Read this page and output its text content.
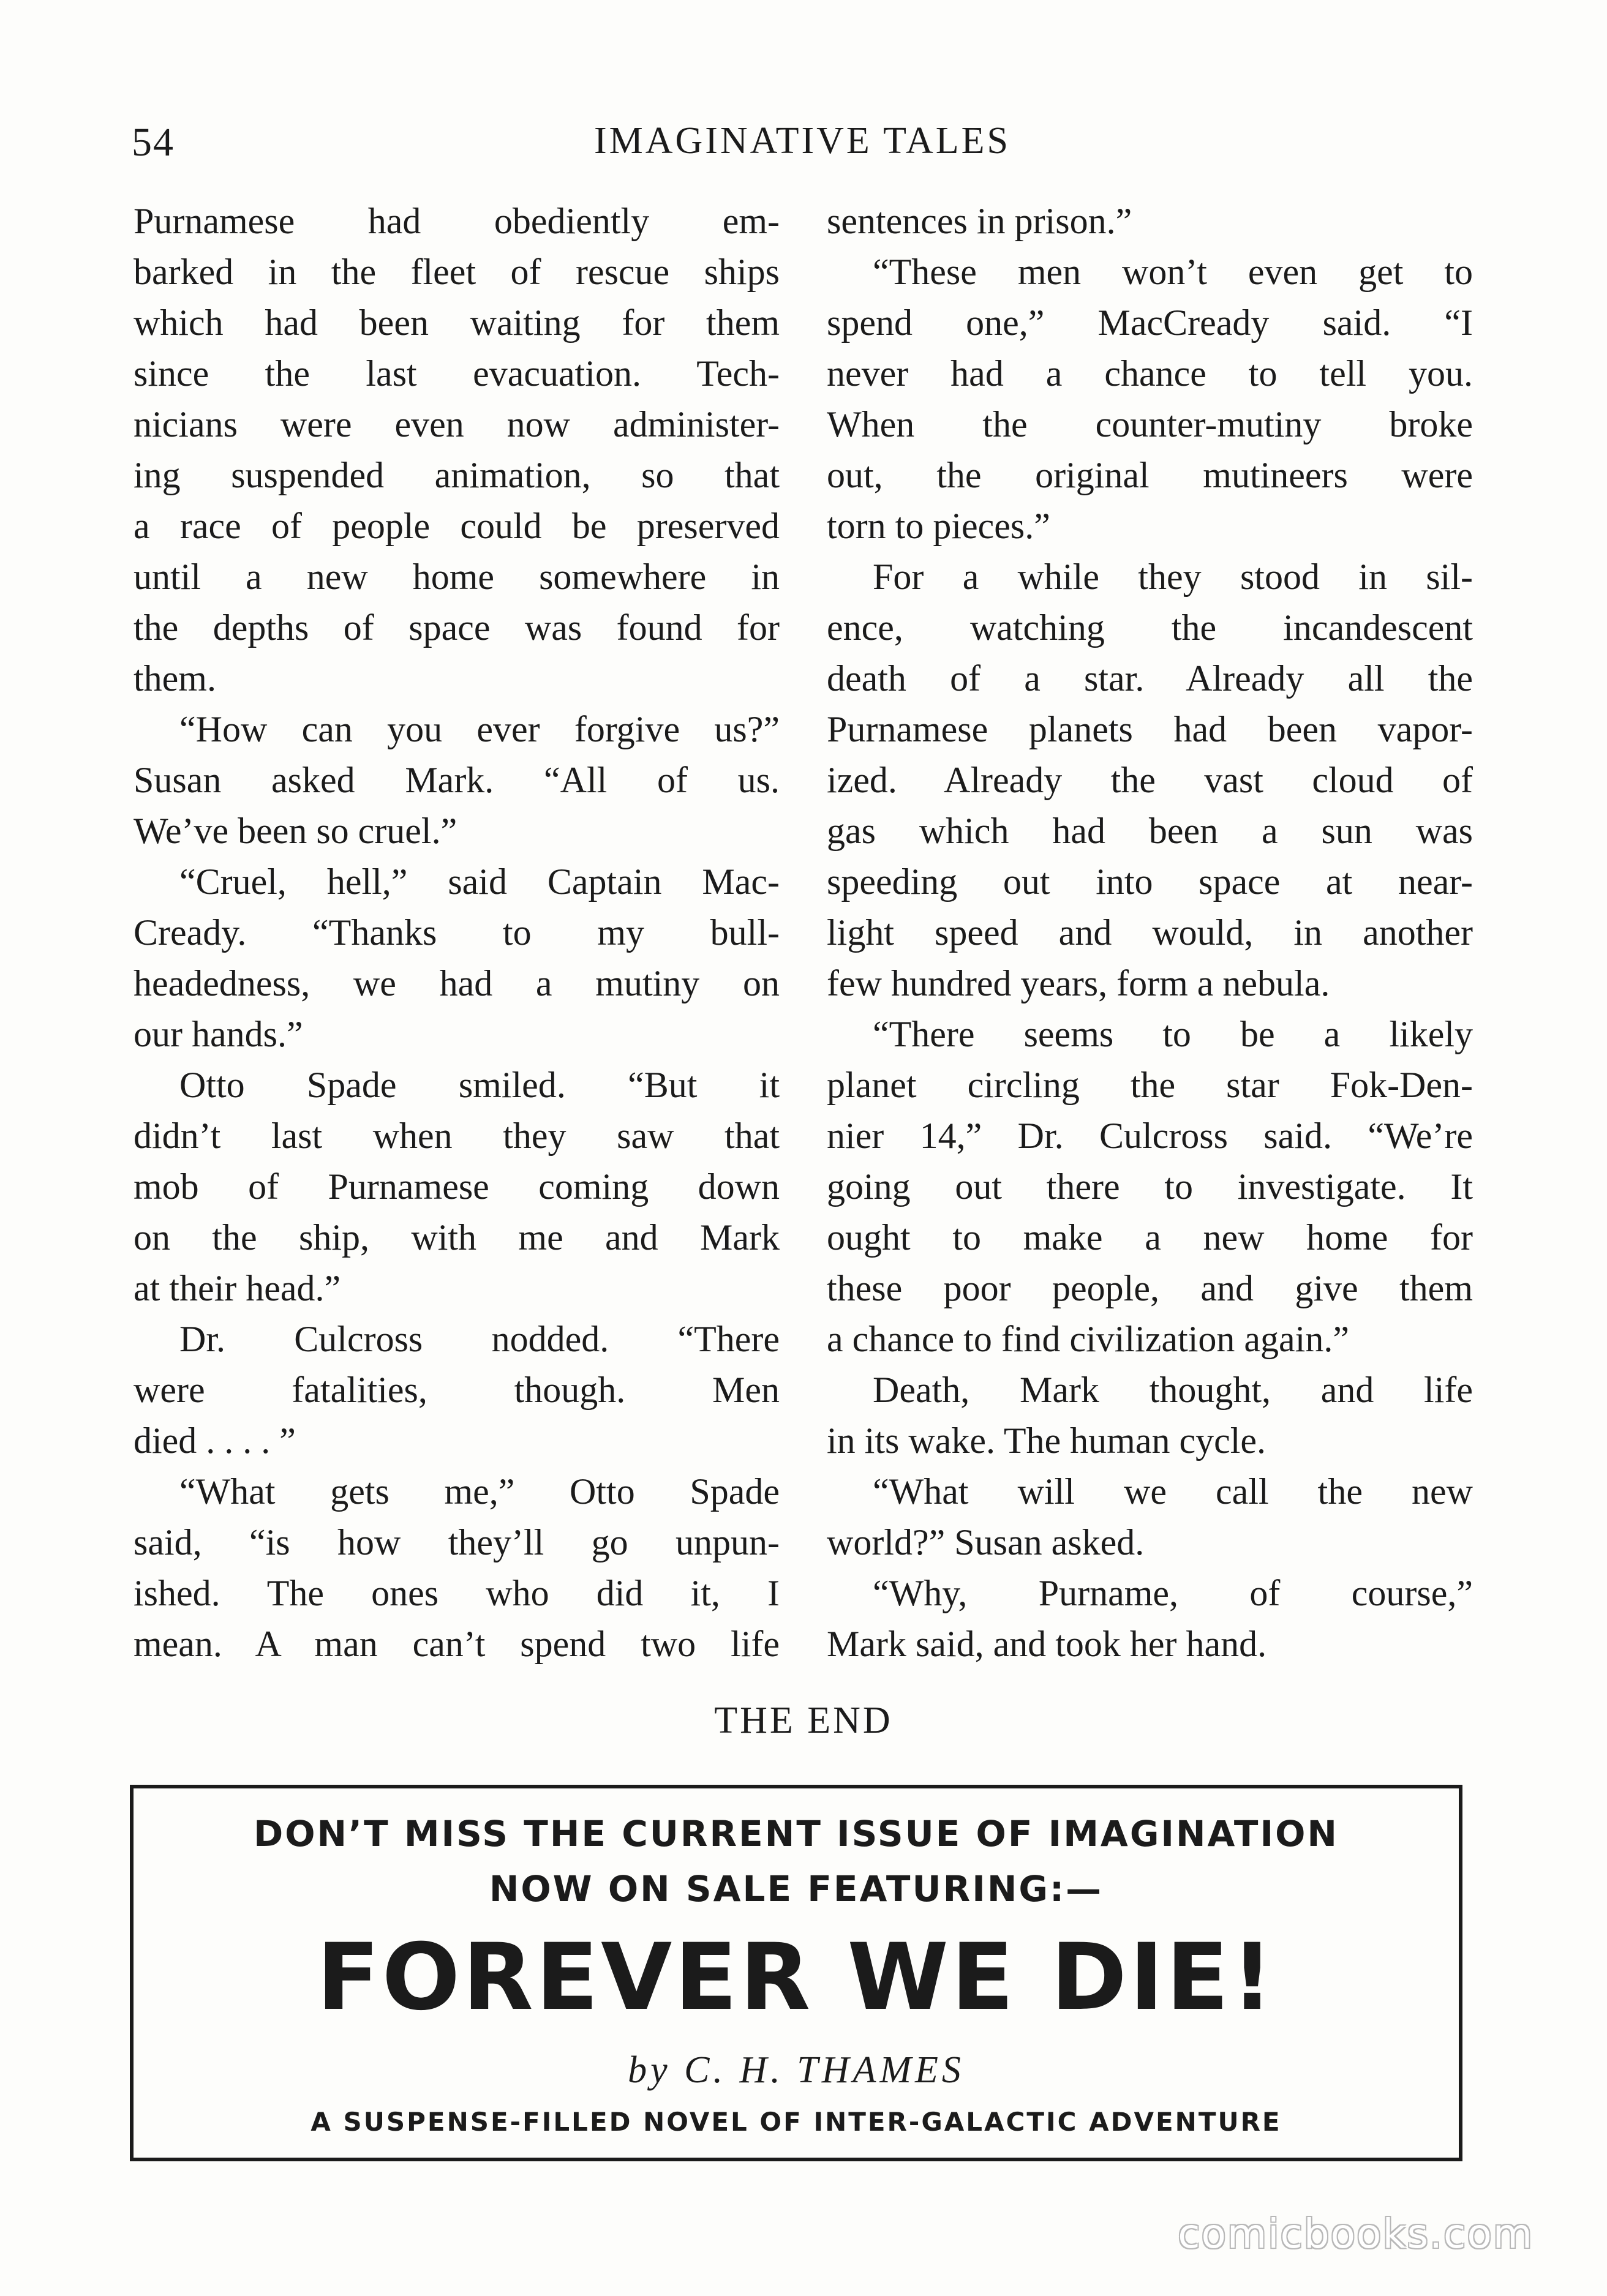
54	IMAGINATIVE TALES
Purnamese had obediently em-
barked in the fleet of rescue ships
which had been waiting for them
since the last evacuation. Tech-
nicians were even now administer-
ing suspended animation, so that
a race of people could be preserved
until a new home somewhere in
the depths of space was found for
them.
“How can you ever forgive us?”
Susan asked Mark. “All of us.
We’ve been so cruel.”
“Cruel, hell,” said Captain Mac-
Cready. “Thanks to my bull-
headedness, we had a mutiny on
our hands.”
Otto Spade smiled. “But it
didn’t last when they saw that
mob of Purnamese coming down
on the ship, with me and Mark
at their head.”
Dr. Culcross nodded. “There
were fatalities, though. Men
died . . . . ”
“What gets me,” Otto Spade
said, “is how they’ll go unpun-
ished. The ones who did it, I
mean. A man can’t spend two life
sentences in prison.”
“These men won’t even get to
spend one,” MacCready said. “I
never had a chance to tell you.
When the counter-mutiny broke
out, the original mutineers were
torn to pieces.”
For a while they stood in sil-
ence, watching the incandescent
death of a star. Already all the
Purnamese planets had been vapor-
ized. Already the vast cloud of
gas which had been a sun was
speeding out into space at near-
light speed and would, in another
few hundred years, form a nebula.
“There seems to be a likely
planet circling the star Fok-Den-
nier 14,” Dr. Culcross said. “We’re
going out there to investigate. It
ought to make a new home for
these poor people, and give them
a chance to find civilization again.”
Death, Mark thought, and life
in its wake. The human cycle.
“What will we call the new
world?” Susan asked.
“Why, Purname, of course,”
Mark said, and took her hand.
THE END
DON’T MISS THE CURRENT ISSUE OF IMAGINATION
NOW ON SALE FEATURING:—
FOREVER WE DIE!
by C. H. THAMES
A SUSPENSE-FILLED NOVEL OF INTER-GALACTIC ADVENTURE
comicbooks.com
